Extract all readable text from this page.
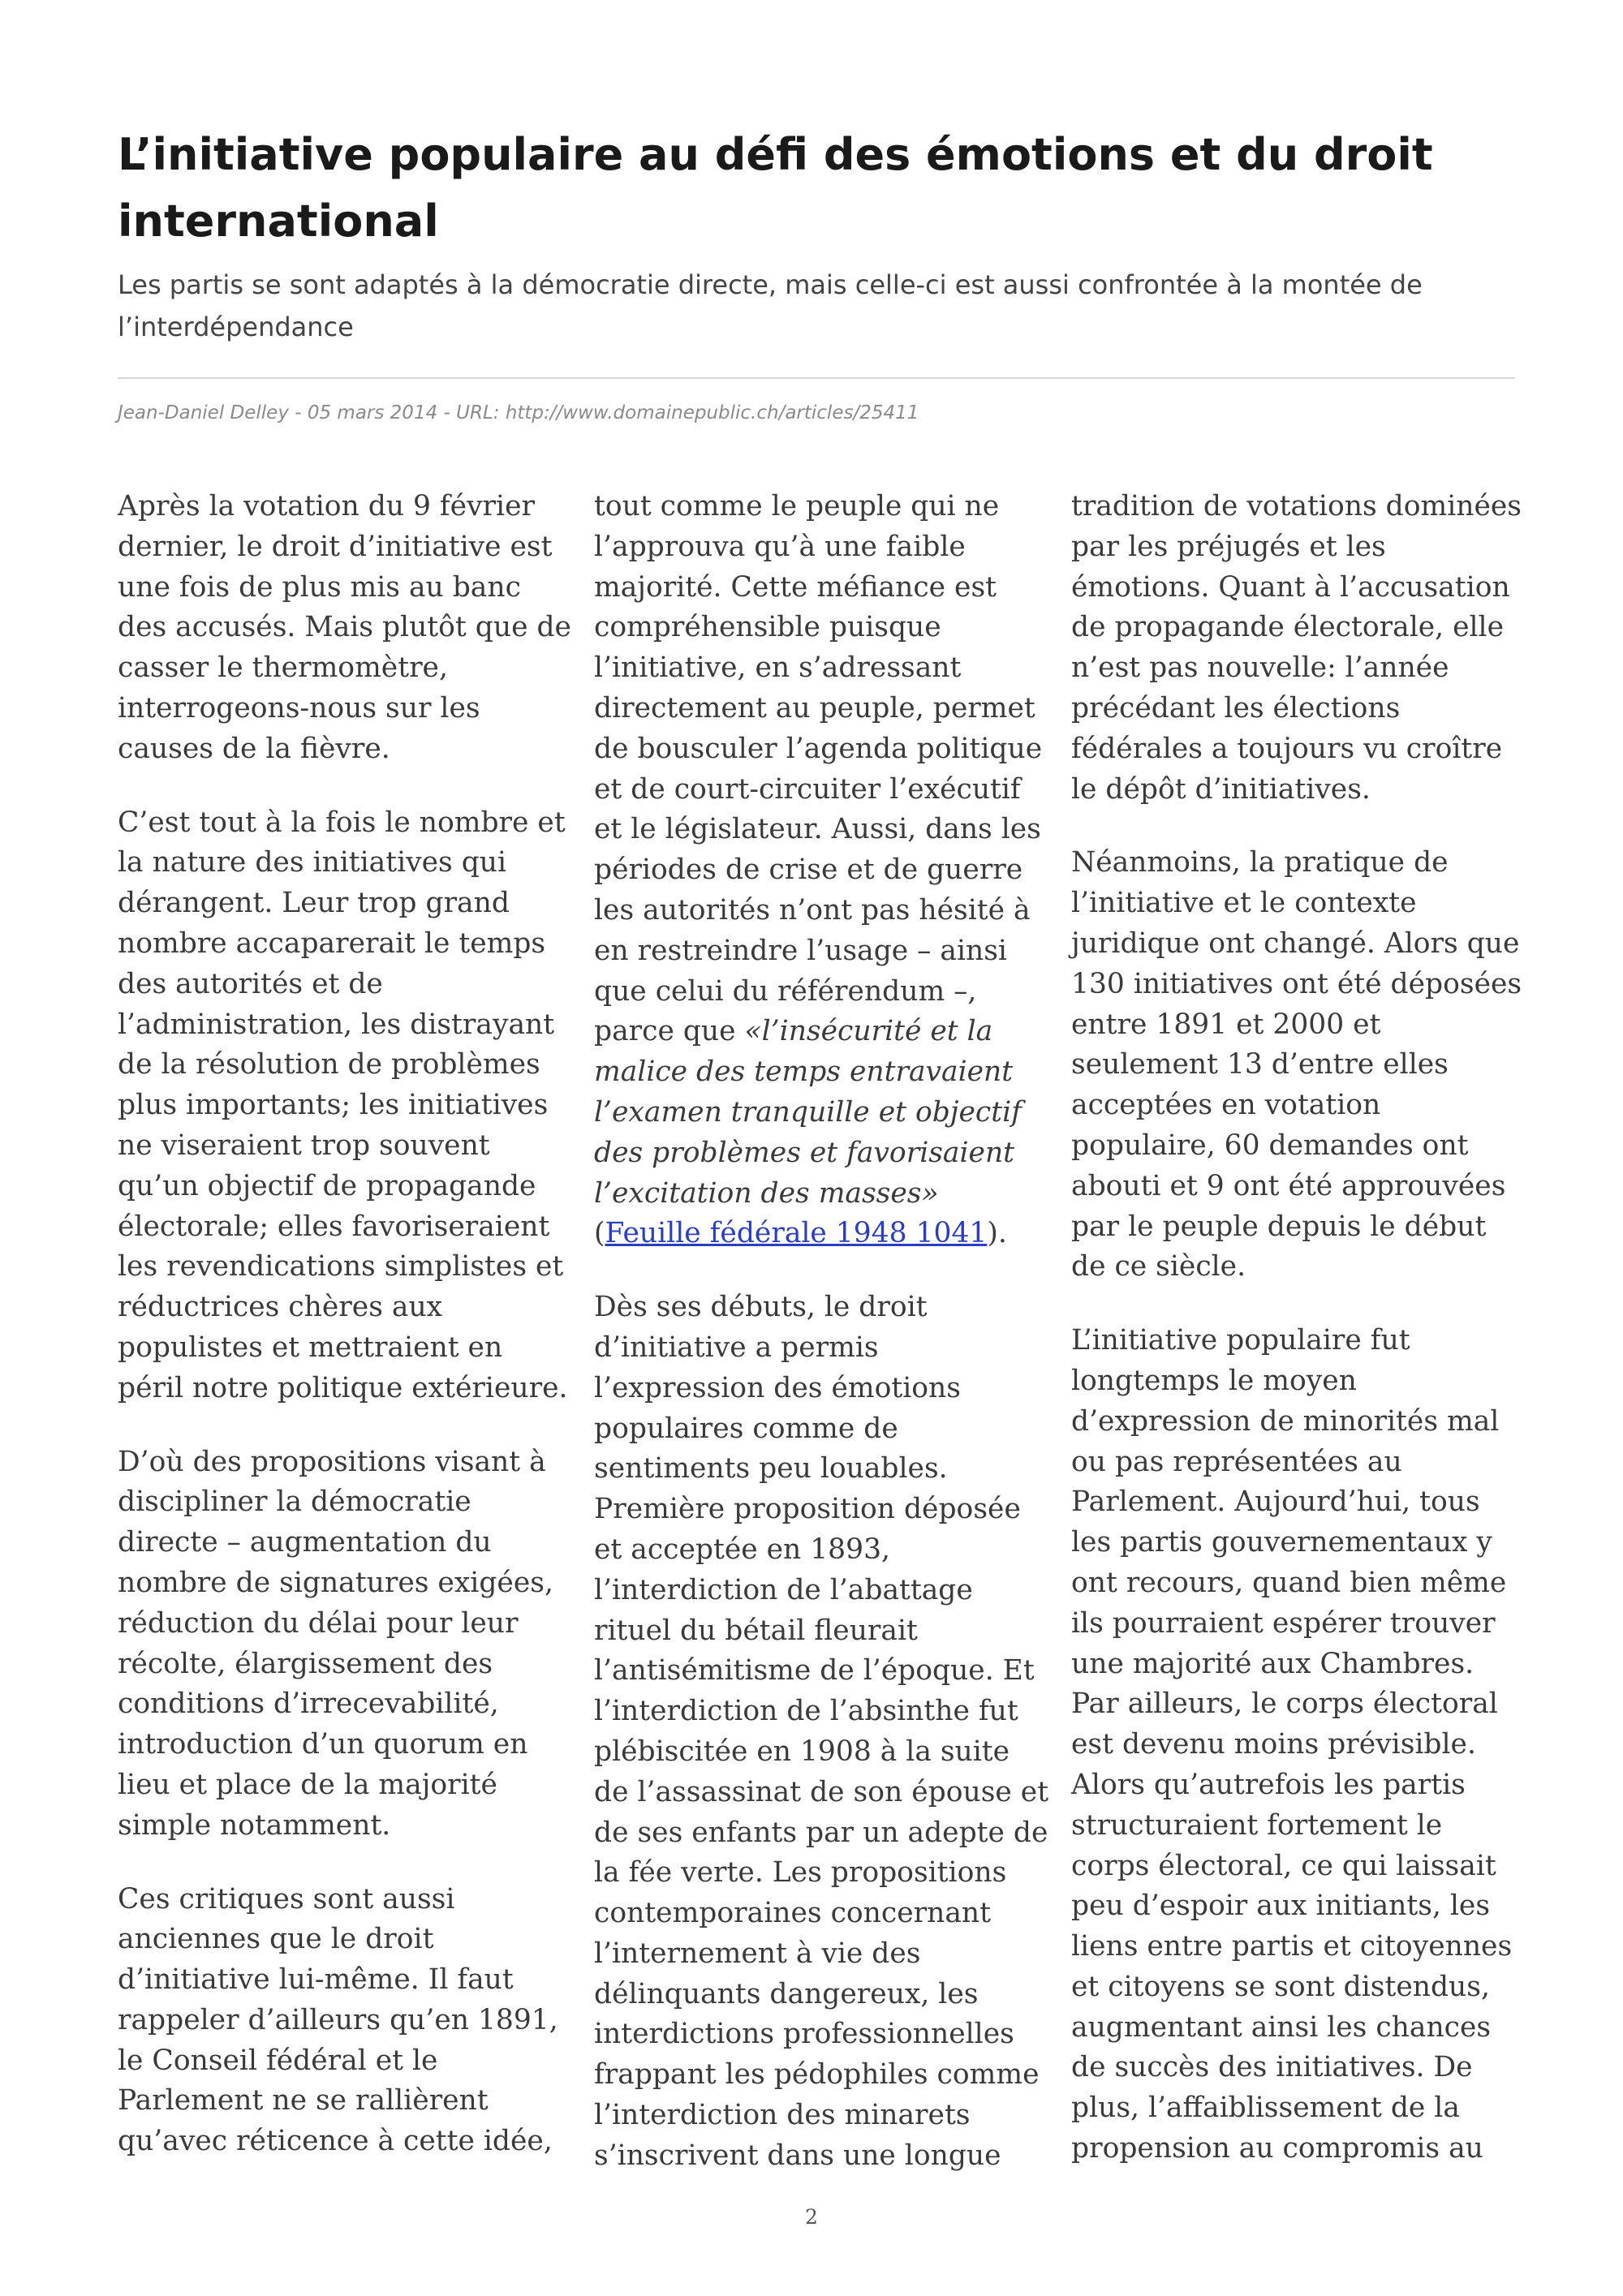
L’initiative populaire au défi des émotions et du droit
international

Les partis se sont adaptés à la démocratie directe, mais celle-ci est aussi confrontée à la montée de
l’interdépendance

Jean-Daniel Delley - 05 mars 2014 - URL: http://www.domainepublic.ch/articles/25411

Après la votation du 9 février
dernier, le droit d’initiative est
une fois de plus mis au banc
des accusés. Mais plutôt que de
casser le thermomètre,
interrogeons-nous sur les
causes de la fièvre.

C’est tout à la fois le nombre et
la nature des initiatives qui
dérangent. Leur trop grand
nombre accaparerait le temps
des autorités et de
l’administration, les distrayant
de la résolution de problèmes
plus importants; les initiatives
ne viseraient trop souvent
qu’un objectif de propagande
électorale; elles favoriseraient
les revendications simplistes et
réductrices chères aux
populistes et mettraient en
péril notre politique extérieure.

D’où des propositions visant à
discipliner la démocratie
directe – augmentation du
nombre de signatures exigées,
réduction du délai pour leur
récolte, élargissement des
conditions d’irrecevabilité,
introduction d’un quorum en
lieu et place de la majorité
simple notamment.

Ces critiques sont aussi
anciennes que le droit
d’initiative lui-même. Il faut
rappeler d’ailleurs qu’en 1891,
le Conseil fédéral et le
Parlement ne se rallièrent
qu’avec réticence à cette idée,

tout comme le peuple qui ne
l’approuva qu’à une faible
majorité. Cette méfiance est
compréhensible puisque
l’initiative, en s’adressant
directement au peuple, permet
de bousculer l’agenda politique
et de court-circuiter l’exécutif
et le législateur. Aussi, dans les
périodes de crise et de guerre
les autorités n’ont pas hésité à
en restreindre l’usage – ainsi
que celui du référendum –,
parce que «l’insécurité et la
malice des temps entravaient
l’examen tranquille et objectif
des problèmes et favorisaient
l’excitation des masses»
(Feuille fédérale 1948 1041).

Dès ses débuts, le droit
d’initiative a permis
l’expression des émotions
populaires comme de
sentiments peu louables.
Première proposition déposée
et acceptée en 1893,
l’interdiction de l’abattage
rituel du bétail fleurait
l’antisémitisme de l’époque. Et
l’interdiction de l’absinthe fut
plébiscitée en 1908 à la suite
de l’assassinat de son épouse et
de ses enfants par un adepte de
la fée verte. Les propositions
contemporaines concernant
l’internement à vie des
délinquants dangereux, les
interdictions professionnelles
frappant les pédophiles comme
l’interdiction des minarets
s’inscrivent dans une longue

tradition de votations dominées
par les préjugés et les
émotions. Quant à l’accusation
de propagande électorale, elle
n’est pas nouvelle: l’année
précédant les élections
fédérales a toujours vu croître
le dépôt d’initiatives.

Néanmoins, la pratique de
l’initiative et le contexte
juridique ont changé. Alors que
130 initiatives ont été déposées
entre 1891 et 2000 et
seulement 13 d’entre elles
acceptées en votation
populaire, 60 demandes ont
abouti et 9 ont été approuvées
par le peuple depuis le début
de ce siècle.

L’initiative populaire fut
longtemps le moyen
d’expression de minorités mal
ou pas représentées au
Parlement. Aujourd’hui, tous
les partis gouvernementaux y
ont recours, quand bien même
ils pourraient espérer trouver
une majorité aux Chambres.
Par ailleurs, le corps électoral
est devenu moins prévisible.
Alors qu’autrefois les partis
structuraient fortement le
corps électoral, ce qui laissait
peu d’espoir aux initiants, les
liens entre partis et citoyennes
et citoyens se sont distendus,
augmentant ainsi les chances
de succès des initiatives. De
plus, l’affaiblissement de la
propension au compromis au

2
